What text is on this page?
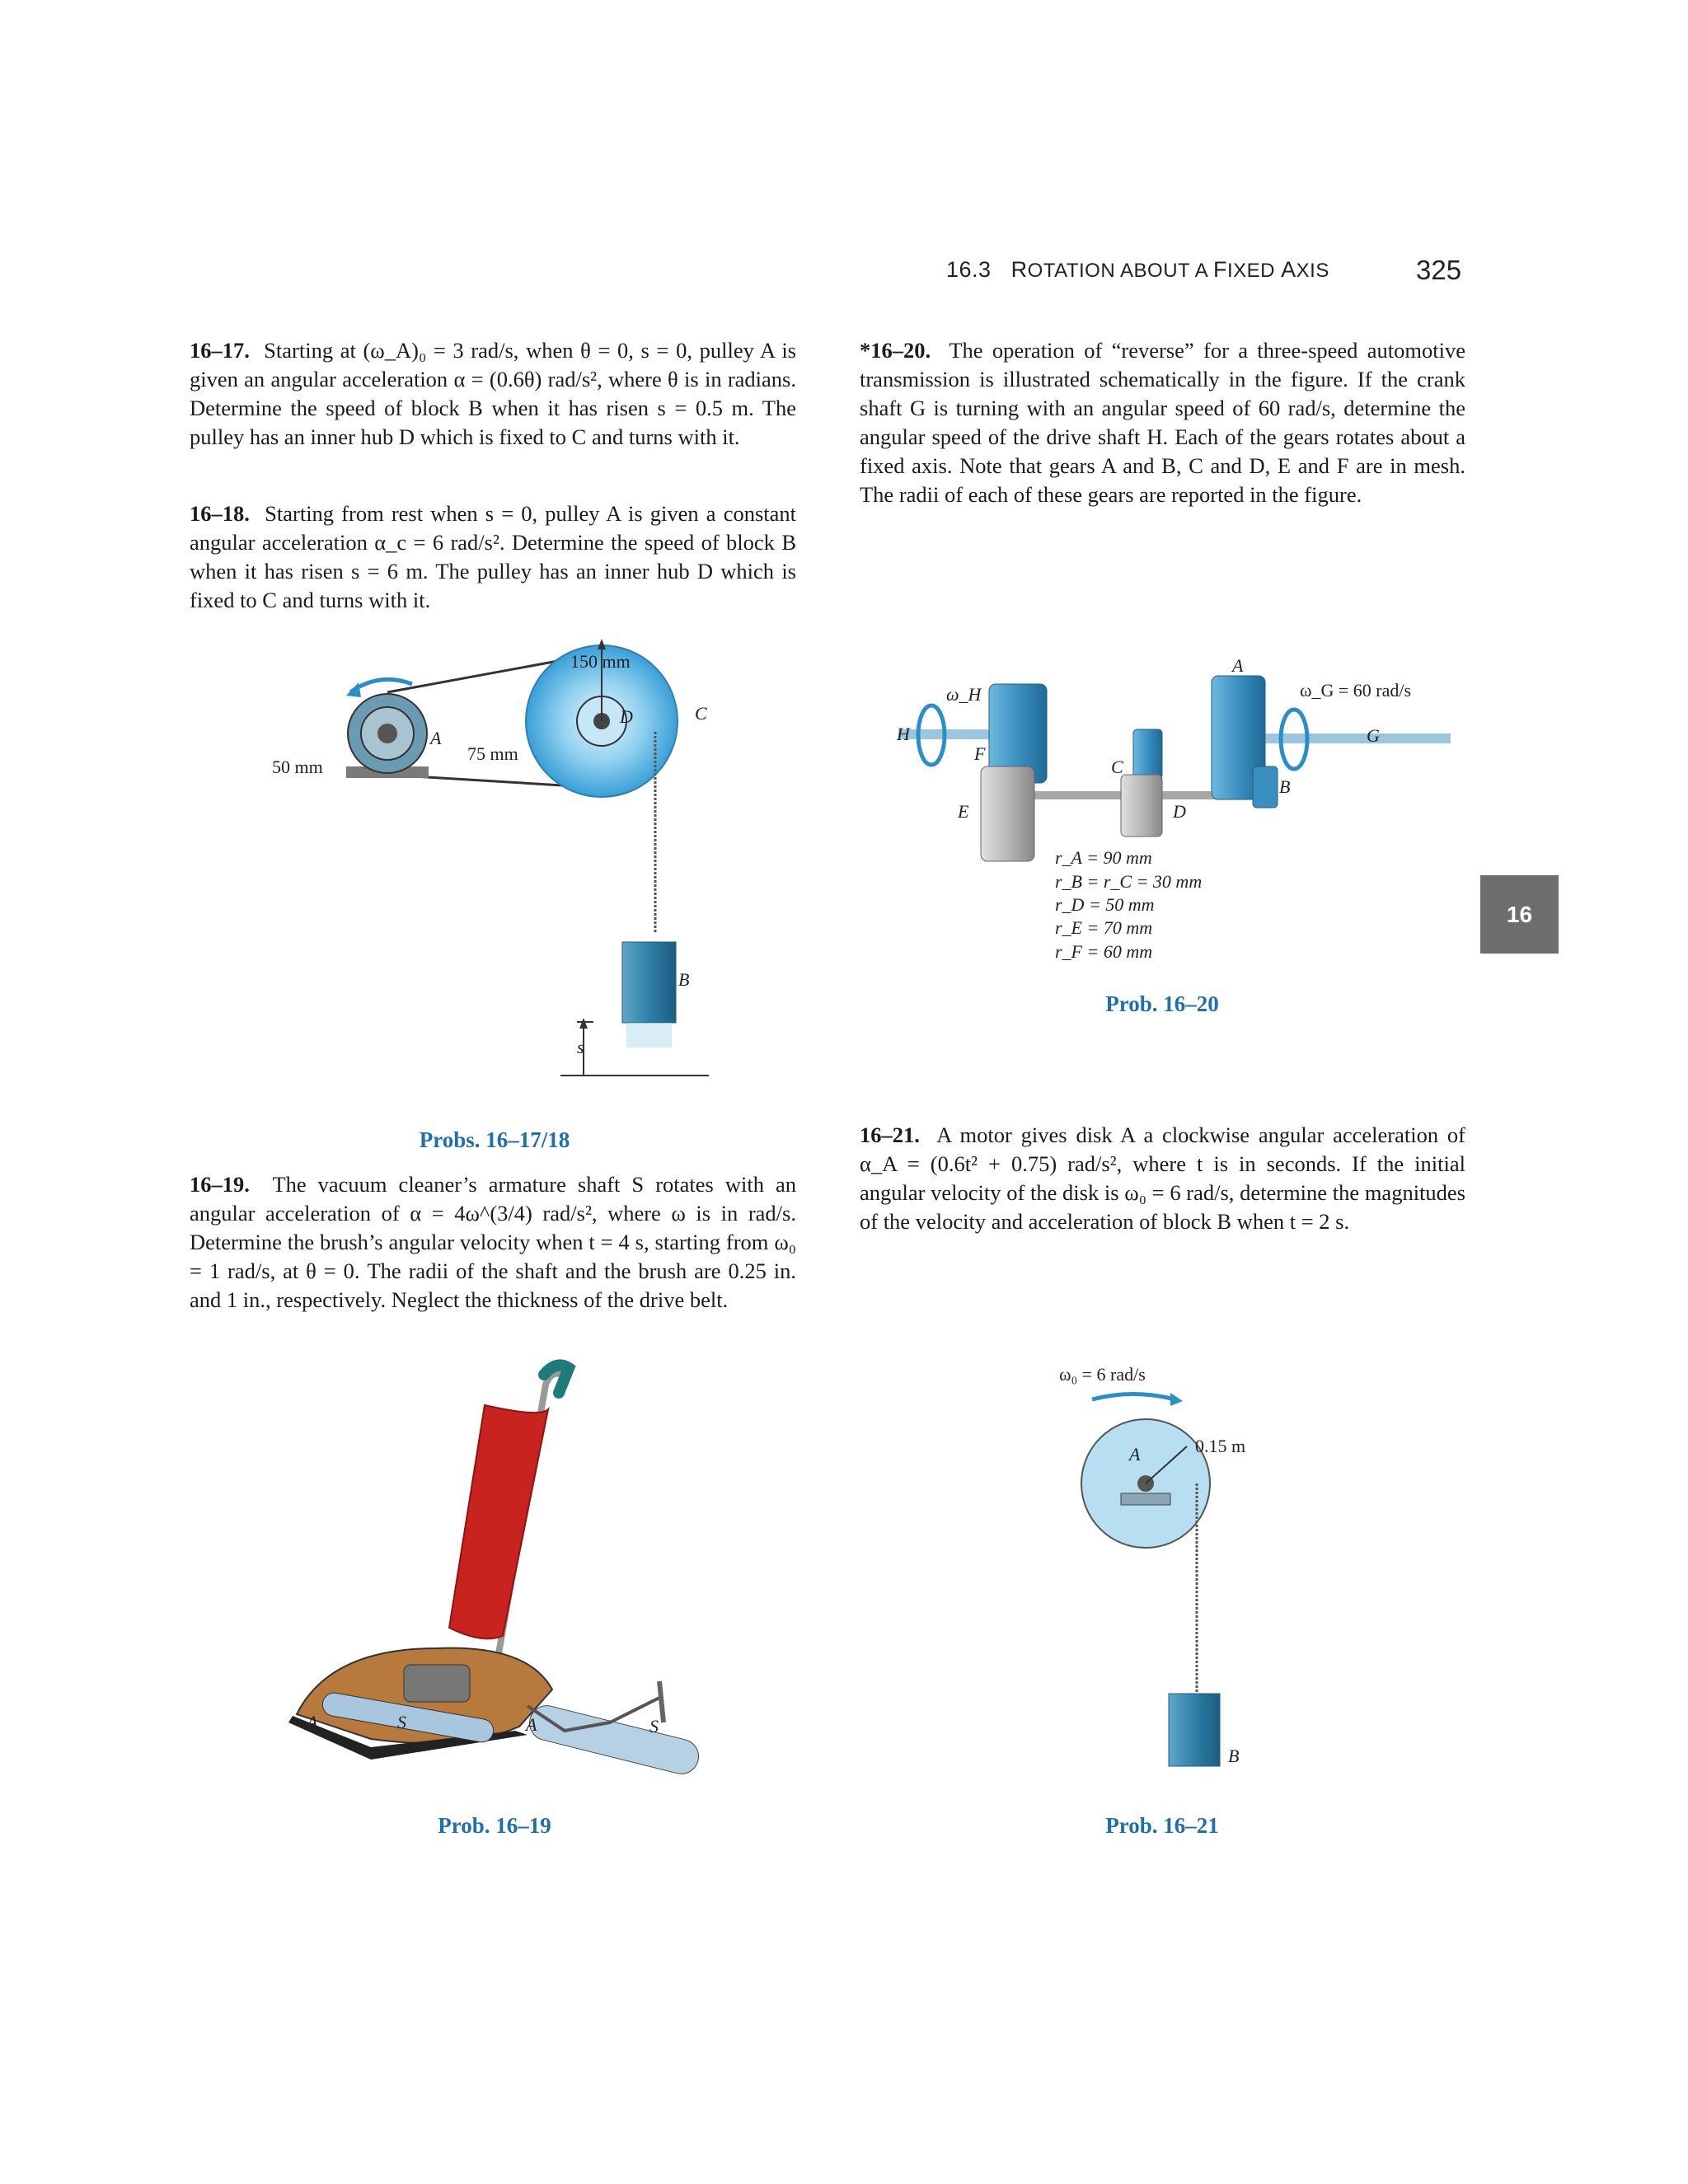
16.3 ROTATION ABOUT A FIXED AXIS	325
16
16–17. Starting at (ω_A)₀ = 3 rad/s, when θ = 0, s = 0, pulley A is given an angular acceleration α = (0.6θ) rad/s², where θ is in radians. Determine the speed of block B when it has risen s = 0.5 m. The pulley has an inner hub D which is fixed to C and turns with it.
16–18. Starting from rest when s = 0, pulley A is given a constant angular acceleration α_c = 6 rad/s². Determine the speed of block B when it has risen s = 6 m. The pulley has an inner hub D which is fixed to C and turns with it.
150 mm
75 mm
50 mm
A
B
C
D
s
Probs. 16–17/18
16–19. The vacuum cleaner’s armature shaft S rotates with an angular acceleration of α = 4ω^(3/4) rad/s², where ω is in rad/s. Determine the brush’s angular velocity when t = 4 s, starting from ω₀ = 1 rad/s, at θ = 0. The radii of the shaft and the brush are 0.25 in. and 1 in., respectively. Neglect the thickness of the drive belt.
A	S	A	S
Prob. 16–19
*16–20. The operation of “reverse” for a three-speed automotive transmission is illustrated schematically in the figure. If the crank shaft G is turning with an angular speed of 60 rad/s, determine the angular speed of the drive shaft H. Each of the gears rotates about a fixed axis. Note that gears A and B, C and D, E and F are in mesh. The radii of each of these gears are reported in the figure.
ω_H	ω_G = 60 rad/s
A
B
C
D
E
F
G
H
r_A = 90 mm
r_B = r_C = 30 mm
r_D = 50 mm
r_E = 70 mm
r_F = 60 mm
Prob. 16–20
16–21. A motor gives disk A a clockwise angular acceleration of α_A = (0.6t² + 0.75) rad/s², where t is in seconds. If the initial angular velocity of the disk is ω₀ = 6 rad/s, determine the magnitudes of the velocity and acceleration of block B when t = 2 s.
ω₀ = 6 rad/s
0.15 m
A
B
Prob. 16–21
